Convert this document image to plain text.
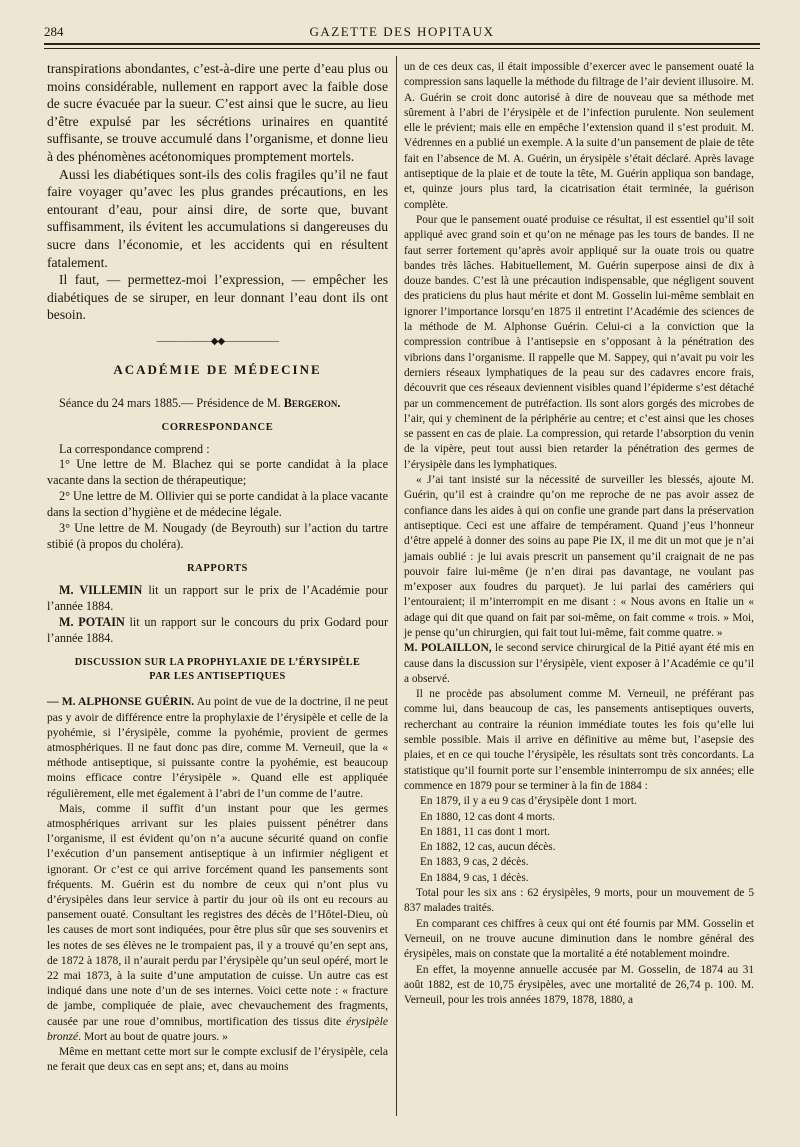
284	GAZETTE DES HOPITAUX

transpirations abondantes, c’est-à-dire une perte d’eau plus ou moins considérable, nullement en rapport avec la faible dose de sucre évacuée par la sueur. C’est ainsi que le sucre, au lieu d’être expulsé par les sécrétions urinaires en quantité suffisante, se trouve accumulé dans l’organisme, et donne lieu à des phénomènes acétonomiques promptement mortels.

Aussi les diabétiques sont-ils des colis fragiles qu’il ne faut faire voyager qu’avec les plus grandes précautions, en les entourant d’eau, pour ainsi dire, de sorte que, buvant suffisamment, ils évitent les accumulations si dangereuses du sucre dans l’économie, et les accidents qui en résultent fatalement.

Il faut, — permettez-moi l’expression, — empêcher les diabétiques de se siruper, en leur donnant l’eau dont ils ont besoin.

——————◆◆——————
ACADÉMIE DE MÉDECINE

Séance du 24 mars 1885.— Présidence de M. Bergeron.

CORRESPONDANCE

La correspondance comprend :

1° Une lettre de M. Blachez qui se porte candidat à la place vacante dans la section de thérapeutique;

2° Une lettre de M. Ollivier qui se porte candidat à la place vacante dans la section d’hygiène et de médecine légale.

3° Une lettre de M. Nougady (de Beyrouth) sur l’action du tartre stibié (à propos du choléra).

RAPPORTS

M. VILLEMIN lit un rapport sur le prix de l’Académie pour l’année 1884.

M. POTAIN lit un rapport sur le concours du prix Godard pour l’année 1884.

DISCUSSION SUR LA PROPHYLAXIE DE L’ÉRYSIPÈLE
PAR LES ANTISEPTIQUES

— M. ALPHONSE GUÉRIN. Au point de vue de la doctrine, il ne peut pas y avoir de différence entre la prophylaxie de l’érysipèle et celle de la pyohémie, si l’érysipèle, comme la pyohémie, provient de germes atmosphériques. Il ne faut donc pas dire, comme M. Verneuil, que la « méthode antiseptique, si puissante contre la pyohémie, est beaucoup moins efficace contre l’érysipèle ». Quand elle est appliquée régulièrement, elle met également à l’abri de l’un comme de l’autre.

Mais, comme il suffit d’un instant pour que les germes atmosphériques arrivant sur les plaies puissent pénétrer dans l’organisme, il est évident qu’on n’a aucune sécurité quand on confie l’exécution d’un pansement antiseptique à un infirmier négligent et ignorant. Or c’est ce qui arrive forcément quand les pansements sont fréquents. M. Guérin est du nombre de ceux qui n’ont plus vu d’érysipèles dans leur service à partir du jour où ils ont eu recours au pansement ouaté. Consultant les registres des décès de l’Hôtel-Dieu, où les causes de mort sont indiquées, pour être plus sûr que ses souvenirs et les notes de ses élèves ne le trompaient pas, il y a trouvé qu’en sept ans, de 1872 à 1878, il n’aurait perdu par l’érysipèle qu’un seul opéré, mort le 22 mai 1873, à la suite d’une amputation de cuisse. Un autre cas est indiqué dans une note d’un de ses internes. Voici cette note : « fracture de jambe, compliquée de plaie, avec chevauchement des fragments, causée par une roue d’omnibus, mortification des tissus dite érysipèle bronzé. Mort au bout de quatre jours. »

Même en mettant cette mort sur le compte exclusif de l’érysipèle, cela ne ferait que deux cas en sept ans; et, dans au moins

un de ces deux cas, il était impossible d’exercer avec le pansement ouaté la compression sans laquelle la méthode du filtrage de l’air devient illusoire. M. A. Guérin se croit donc autorisé à dire de nouveau que sa méthode met sûrement à l’abri de l’érysipèle et de l’infection purulente. Non seulement elle le prévient; mais elle en empêche l’extension quand il s’est produit. M. Védrennes en a publié un exemple. A la suite d’un pansement de plaie de tête fait en l’absence de M. A. Guérin, un érysipèle s’était déclaré. Après lavage antiseptique de la plaie et de toute la tête, M. Guérin appliqua son bandage, et, quinze jours plus tard, la cicatrisation était terminée, la guérison complète.

Pour que le pansement ouaté produise ce résultat, il est essentiel qu’il soit appliqué avec grand soin et qu’on ne ménage pas les tours de bandes. Il ne faut serrer fortement qu’après avoir appliqué sur la ouate trois ou quatre bandes très lâches. Habituellement, M. Guérin superpose ainsi de dix à douze bandes. C’est là une précaution indispensable, que négligent souvent des praticiens du plus haut mérite et dont M. Gosselin lui-même semblait en ignorer l’importance lorsqu’en 1875 il entretint l’Académie des sciences de la méthode de M. Alphonse Guérin. Celui-ci a la conviction que la compression contribue à l’antisepsie en s’opposant à la pénétration des vibrions dans l’organisme. Il rappelle que M. Sappey, qui n’avait pu voir les derniers réseaux lymphatiques de la peau sur des cadavres encore frais, découvrit que ces réseaux deviennent visibles quand l’épiderme s’est détaché par un commencement de putréfaction. Ils sont alors gorgés des microbes de l’air, qui y cheminent de la périphérie au centre; et c’est ainsi que les choses se passent en cas de plaie. La compression, qui retarde l’absorption du venin de la vipère, peut tout aussi bien retarder la pénétration des germes de l’érysipèle dans les lymphatiques.

« J’ai tant insisté sur la nécessité de surveiller les blessés, ajoute M. Guérin, qu’il est à craindre qu’on me reproche de ne pas avoir assez de confiance dans les aides à qui on confie une grande part dans la préservation antiseptique. Ceci est une affaire de tempérament. Quand j’eus l’honneur d’être appelé à donner des soins au pape Pie IX, il me dit un mot que je n’ai jamais oublié : je lui avais prescrit un pansement qu’il craignait de ne pas pouvoir faire lui-même (je n’en dirai pas davantage, ne voulant pas m’exposer aux foudres du parquet). Je lui parlai des camériers qui l’entouraient; il m’interrompit en me disant : « Nous avons en Italie un « adage qui dit que quand on fait par soi-même, on fait comme « trois. » Moi, je pense qu’un chirurgien, qui fait tout lui-même, fait comme quatre. »

M. POLAILLON, le second service chirurgical de la Pitié ayant été mis en cause dans la discussion sur l’érysipèle, vient exposer à l’Académie ce qu’il a observé.

Il ne procède pas absolument comme M. Verneuil, ne préférant pas comme lui, dans beaucoup de cas, les pansements antiseptiques ouverts, recherchant au contraire la réunion immédiate toutes les fois qu’elle lui semble possible. Mais il arrive en définitive au même but, l’asepsie des plaies, et en ce qui touche l’érysipèle, les résultats sont très concordants. La statistique qu’il fournit porte sur l’ensemble ininterrompu de six années; elle commence en 1879 pour se terminer à la fin de 1884 :

En 1879, il y a eu 9 cas d’érysipèle dont 1 mort.

En 1880, 12 cas dont 4 morts.

En 1881, 11 cas dont 1 mort.

En 1882, 12 cas, aucun décès.

En 1883, 9 cas, 2 décès.

En 1884, 9 cas, 1 décès.

Total pour les six ans : 62 érysipèles, 9 morts, pour un mouvement de 5 837 malades traités.

En comparant ces chiffres à ceux qui ont été fournis par MM. Gosselin et Verneuil, on ne trouve aucune diminution dans le nombre général des érysipèles, mais on constate que la mortalité a été notablement moindre.

En effet, la moyenne annuelle accusée par M. Gosselin, de 1874 au 31 août 1882, est de 10,75 érysipèles, avec une mortalité de 26,74 p. 100. M. Verneuil, pour les trois années 1879, 1878, 1880, a
